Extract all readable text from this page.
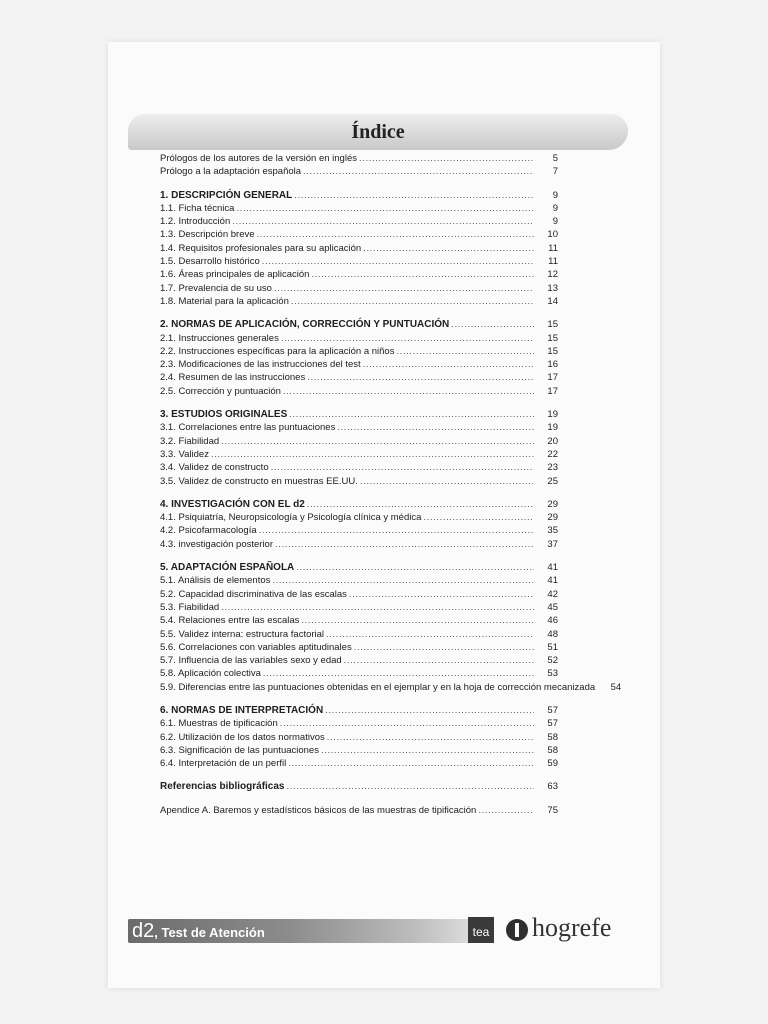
Índice
Prólogos de los autores de la versión en inglés .....	5
Prólogo a la adaptación española .....	7
1. DESCRIPCIÓN GENERAL .....	9
1.1. Ficha técnica .....	9
1.2. Introducción .....	9
1.3. Descripción breve .....	10
1.4. Requisitos profesionales para su aplicación .....	11
1.5. Desarrollo histórico .....	11
1.6. Áreas principales de aplicación .....	12
1.7. Prevalencia de su uso .....	13
1.8. Material para la aplicación .....	14
2. NORMAS DE APLICACIÓN, CORRECCIÓN Y PUNTUACIÓN .....	15
2.1. Instrucciones generales .....	15
2.2. Instrucciones específicas para la aplicación a niños .....	15
2.3. Modificaciones de las instrucciones del test .....	16
2.4. Resumen de las instrucciones .....	17
2.5. Corrección y puntuación .....	17
3. ESTUDIOS ORIGINALES .....	19
3.1. Correlaciones entre las puntuaciones .....	19
3.2. Fiabilidad .....	20
3.3. Validez .....	22
3.4. Validez de constructo .....	23
3.5. Validez de constructo en muestras EE.UU. .....	25
4. INVESTIGACIÓN CON EL d2 .....	29
4.1. Psiquiatría, Neuropsicología y Psicología clínica y médica .....	29
4.2. Psicofarmacología .....	35
4.3. investigación posterior .....	37
5. ADAPTACIÓN ESPAÑOLA .....	41
5.1. Análisis de elementos .....	41
5.2. Capacidad discriminativa de las escalas .....	42
5.3. Fiabilidad .....	45
5.4. Relaciones entre las escalas .....	46
5.5. Validez interna: estructura factorial .....	48
5.6. Correlaciones con variables aptitudinales .....	51
5.7. Influencia de las variables sexo y edad .....	52
5.8. Aplicación colectiva .....	53
5.9. Diferencias entre las puntuaciones obtenidas en el ejemplar y en la hoja de corrección mecanizada	54
6. NORMAS DE INTERPRETACIÓN .....	57
6.1. Muestras de tipificación .....	57
6.2. Utilización de los datos normativos .....	58
6.3. Significación de las puntuaciones .....	58
6.4. Interpretación de un perfil .....	59
Referencias bibliográficas .....	63
Apendice A. Baremos y estadísticos básicos de las muestras de tipificación .....	75
d2, Test de Atención	tea hogrefe
